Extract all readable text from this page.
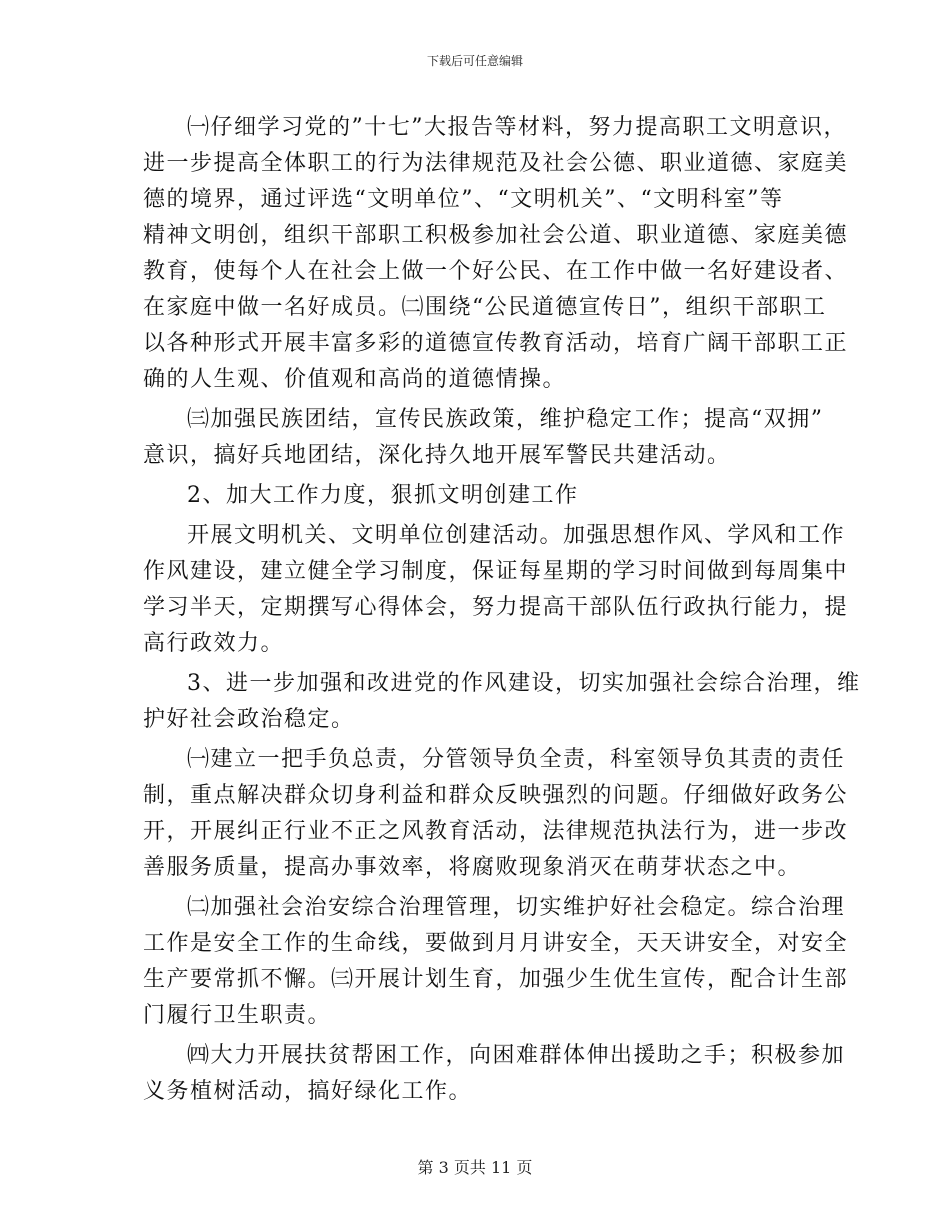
下载后可任意编辑
㈠仔细学习党的”十七”大报告等材料，努力提高职工文明意识，
进一步提高全体职工的行为法律规范及社会公德、职业道德、家庭美
德的境界，通过评选“文明单位”、“文明机关”、“文明科室”等
精神文明创，组织干部职工积极参加社会公道、职业道德、家庭美德
教育，使每个人在社会上做一个好公民、在工作中做一名好建设者、
在家庭中做一名好成员。㈡围绕“公民道德宣传日”，组织干部职工
以各种形式开展丰富多彩的道德宣传教育活动，培育广阔干部职工正
确的人生观、价值观和高尚的道德情操。
㈢加强民族团结，宣传民族政策，维护稳定工作；提高“双拥”
意识，搞好兵地团结，深化持久地开展军警民共建活动。
2、加大工作力度，狠抓文明创建工作
开展文明机关、文明单位创建活动。加强思想作风、学风和工作
作风建设，建立健全学习制度，保证每星期的学习时间做到每周集中
学习半天，定期撰写心得体会，努力提高干部队伍行政执行能力，提
高行政效力。
3、进一步加强和改进党的作风建设，切实加强社会综合治理，维
护好社会政治稳定。
㈠建立一把手负总责，分管领导负全责，科室领导负其责的责任
制，重点解决群众切身利益和群众反映强烈的问题。仔细做好政务公
开，开展纠正行业不正之风教育活动，法律规范执法行为，进一步改
善服务质量，提高办事效率，将腐败现象消灭在萌芽状态之中。
㈡加强社会治安综合治理管理，切实维护好社会稳定。综合治理
工作是安全工作的生命线，要做到月月讲安全，天天讲安全，对安全
生产要常抓不懈。㈢开展计划生育，加强少生优生宣传，配合计生部
门履行卫生职责。
㈣大力开展扶贫帮困工作，向困难群体伸出援助之手；积极参加
义务植树活动，搞好绿化工作。
第 3 页共 11 页
